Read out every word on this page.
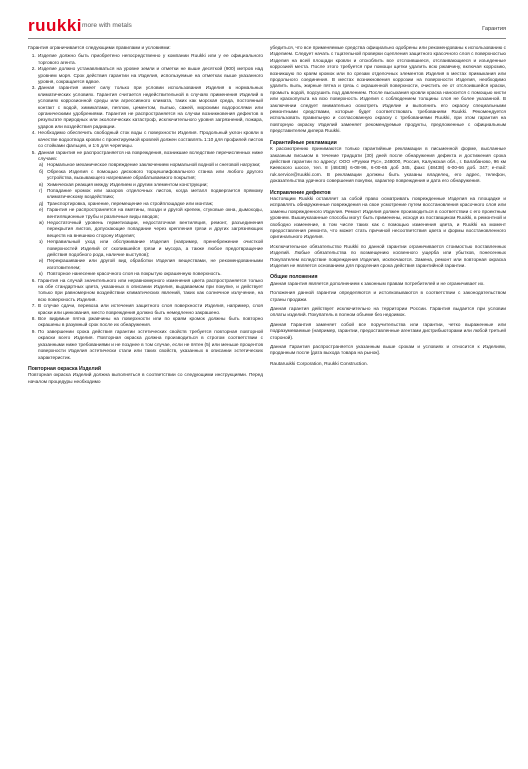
ruukki more with metals	Гарантия
Гарантия ограничивается следующими правилами и условиями:
1. Изделие должно быть приобретено непосредственно у компании Ruukki или у ее официального торгового агента.
2. Изделие должно устанавливаться на уровне земли и отметки не выше десяткой (900) метров над уровнем моря. Срок действия гарантии на Изделия, используемые на отметках выше указанного уровня, сокращается вдвое.
3. Данная гарантия имеет силу только при условии использования Изделия в нормальных климатических условиях. Гарантия считается недействительной в случаях применения Изделий в условиях коррозионной среды или агрессивного климата, таких как морская среда, постоянный контакт с водой, химикатами, пеплом, цементом, пылью, сажей, морскими водорослями или органическими удобрениями. Гарантия не распространяется на случаи возникновения дефектов в результате природных или экологических катастроф, исключительного уровня загрязнений, пожара, ударов или воздействия радиации.
4. Необходимо обеспечить свободный сток воды с поверхности Изделия. Продольный уклон кровли в качестве водоотвода кровли с проектируемой кровлей должен составлять 1:10 для профилей листов со стойками фальцев, и 1:6 для черепицы.
5. Данная гарантия не распространяется на повреждения, возникшие вследствие перечисленных ниже случаев:
а) Нормальное механическое повреждение заключением нормальной водной и снеговой нагрузки;
б) Обрезка Изделия с помощью дискового торцешлифовального станка или любого другого устройства, вызывающего нагревание обрабатываемого покрытия;
в) Химическая реакция между Изделием и другим элементом конструкции;
г) Попадание кромок или зазоров отделочных листов, когда металл подвергается прямому климатическому воздействию;
д) Транспортировка, хранение, перемещение на стройплощадке или монтаж;
е) Гарантия не распространяется на вмятины, гвозди и другой крепеж, стуковые окна, дымоходы, вентиляционные трубы и различные виды вводов;
ж) Недостаточный уровень герметизации, недостаточная вентиляция, ремонт, разъединения перекрытия листов, допускающие попадание через крепления грязи и других загрязняющих веществ на внешнюю сторону Изделия;
з) Неправильный уход или обслуживание Изделия (например, пренебрежение очисткой поверхностей Изделий от скопившейся грязи и мусора, а также любое предотвращение действия подобного рода, наличие выступов);
и) Перекрашивание или другой вид обработки Изделия веществами, не рекомендованными изготовителем;
к) Повторное нанесение красочного слоя на покрытую окрашенную поверхность.
6. Гарантия на случай значительного или неравномерного изменения цвета распространяется только на обе стандартных цвета, указанных в описании Изделия, выдаваемом при покупке, и действует только при равномерном воздействии климатических явлений, таких как солнечное излучение, на всю поверхность Изделия.
7. В случае сдачи, перевоза или истечения защитного слоя поверхности Изделия, например, слоя краски или цинкования, место повреждения должно быть немедленно закрашено.
8. Все видимые пятна ржавчины на поверхности или по краям кромок должны быть повторно окрашены в разумный срок после их обнаружения.
9. По завершении срока действия гарантии эстетических свойств требуется повторная повторной окраски всего Изделия. Повторная окраска должна производиться в строгом соответствии с указанными ниже требованиями и не позднее в том случае, если не пятен (5) или меньше процентов поверхности Изделия эстетически стали или таких свойств, указанных в описании эстетических характеристик.
Повторная окраска Изделий

Повторная окраска Изделий должна выполняться в соответствии со следующими инструкциями. Перед началом процедуры необходимо

убедиться, что все применяемые средства официально одобрены или рекомендованы к использованию с Изделием. Следует начать с тщательной проверки сцепления защитного красочного слоя с поверхностью Изделия на всей площади кровли и отскоблить все отслоившиеся, отслаивающиеся и изъеденные коррозией места. После этого требуется при помощи щетки удалить всю ржавчину, включая коррозию, возникшую по краям кромок или по срезам отделочных элементов Изделия в местах примыкания или продольного соединения. В местах возникновения коррозии на поверхности Изделия, необходимо удалить пыль, жирные пятна и грязь с окрашенной поверхности, очистить ее от отслоившейся краски, промыть водой, подсушить под давлением. После высыхания кровли краска наносится с помощью кисти или краскопульта на всю поверхность Изделия с соблюдением толщины слоя не более указанной. В заключении следует внимательно осмотреть Изделие и выполнить его окраску специальными ремонтными средствами, которые будет соответствовать требованиям Ruukki. Рекомендуется использовать правильную и согласованную окраску с требованиями Ruukki, при этом гарантия на повторную окраску Изделий заменяет рекомендуемые продукты, предложенные с официальным представителем дилера Ruukki.

Гарантийные рекламации

К рассмотрению принимаются только гарантийные рекламации в письменной форме, высланные заказным письмом в течение тридцати (30) дней после обнаружения дефекта и достижения срока действия гарантии по адресу: ООО «Руукки Рус», 248000, Россия, Калужская обл., г. Балабаново, 96 км Киевского шоссе, тел. 8 (48438) 6-08-96, 6-00-65 доб 345, факс (48438) 6-00-66 доб. 347; e-mail: ruk.service@ruukki.com. В рекламации должны быть указаны владелец, его адрес, телефон, доказательства удачного совершения покупки, характер повреждения и дата его обнаружения.

Исправление дефектов

Настоящим Ruukki оставляет за собой право осматривать поврежденные Изделия на площадке и исправлять обнаруженные повреждения на свое усмотрение путем восстановления красочного слоя или замены поврежденного Изделия. Ремонт Изделия должен производиться в соответствии с его проектным уровнем. Вышеуказанные способы могут быть применены, исходя из поставщиком Ruukki, в ремонтной и свободно изменение, в том числе таких как с помощью изменения цвета, и Ruukki на момент предоставления ремонта, что может стать причиной несоответствия цвета и формы восстановленного оригинального Изделия.

Исключительное обязательство Ruukki по данной гарантии ограничивается стоимостью поставленных Изделий. Любые обязательства по возмещению косвенного ущерба или убытков, понесенных Покупателем вследствие повреждения Изделия, исключаются. Замена, ремонт или повторная окраска Изделия не является основанием для продления срока действия гарантийной гарантии.

Общие положения

Данная гарантия является дополнением к законным правам потребителей и не ограничивает их.

Положения данной гарантии определяются и истолковываются в соответствии с законодательством страны продажи.

Данная гарантия действует исключительно на территории России. Гарантия выдается при условии оплаты изделий. Покупатель в полном объеме без недоимок.

Данная Гарантия заменяет собой все поручительства или гарантии, четко выраженные или подразумеваемые (например, гарантии, предоставленные агентами дистрибьюторами или любой третьей стороной).

Данная Гарантия распространяется указанным выше срокам и условиях и относится к Изделиям, проданным после [дата выхода товара на рынок].

Rautaruukki Corporation, Ruukki Construction.
